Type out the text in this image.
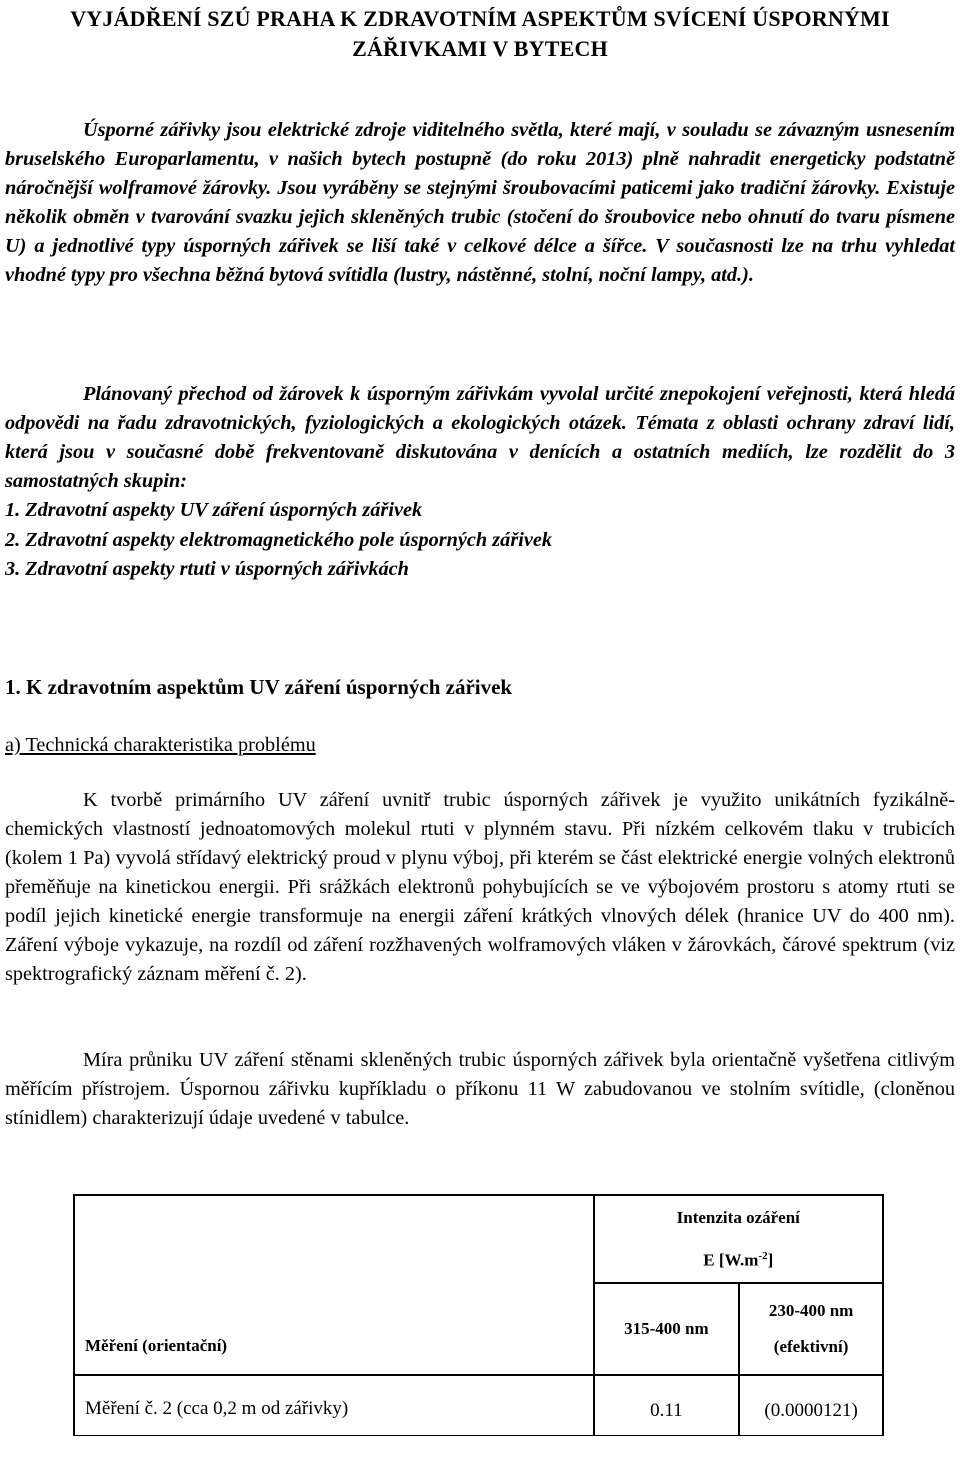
VYJÁDŘENÍ SZÚ PRAHA K ZDRAVOTNÍM ASPEKTŮM SVÍCENÍ ÚSPORNÝMI
ZÁŘIVKAMI V BYTECH

Úsporné zářivky jsou elektrické zdroje viditelného světla, které mají, v souladu se závazným usnesením bruselského Europarlamentu, v našich bytech postupně (do roku 2013) plně nahradit energeticky podstatně náročnější wolframové žárovky. Jsou vyráběny se stejnými šroubovacími paticemi jako tradiční žárovky. Existuje několik obměn v tvarování svazku jejich skleněných trubic (stočení do šroubovice nebo ohnutí do tvaru písmene U) a jednotlivé typy úsporných zářivek se liší také v celkové délce a šířce. V současnosti lze na trhu vyhledat vhodné typy pro všechna běžná bytová svítidla (lustry, nástěnné, stolní, noční lampy, atd.).

Plánovaný přechod od žárovek k úsporným zářivkám vyvolal určité znepokojení veřejnosti, která hledá odpovědi na řadu zdravotnických, fyziologických a ekologických otázek. Témata z oblasti ochrany zdraví lidí, která jsou v současné době frekventovaně diskutována v denících a ostatních mediích, lze rozdělit do 3 samostatných skupin:

1. Zdravotní aspekty UV záření úsporných zářivek
2. Zdravotní aspekty elektromagnetického pole úsporných zářivek
3. Zdravotní aspekty rtuti v úsporných zářivkách
1. K zdravotním aspektům UV záření úsporných zářivek
a) Technická charakteristika problému

K tvorbě primárního UV záření uvnitř trubic úsporných zářivek je využito unikátních fyzikálně-chemických vlastností jednoatomových molekul rtuti v plynném stavu. Při nízkém celkovém tlaku v trubicích (kolem 1 Pa) vyvolá střídavý elektrický proud v plynu výboj, při kterém se část elektrické energie volných elektronů přeměňuje na kinetickou energii. Při srážkách elektronů pohybujících se ve výbojovém prostoru s atomy rtuti se podíl jejich kinetické energie transformuje na energii záření krátkých vlnových délek (hranice UV do 400 nm). Záření výboje vykazuje, na rozdíl od záření rozžhavených wolframových vláken v žárovkách, čárové spektrum (viz spektrografický záznam měření č. 2).

Míra průniku UV záření stěnami skleněných trubic úsporných zářivek byla orientačně vyšetřena citlivým měřícím přístrojem. Úspornou zářivku kupříkladu o příkonu 11 W zabudovanou ve stolním svítidle, (cloněnou stínidlem) charakterizují údaje uvedené v tabulce.

Měření (orientační)	Intenzita ozáření
E $[W.m^{-2}]$	

	315-400 nm	230-400 nm
(efektivní)

Měření č. 2 (cca 0,2 m od zářivky)	0.11	(0.0000121)
